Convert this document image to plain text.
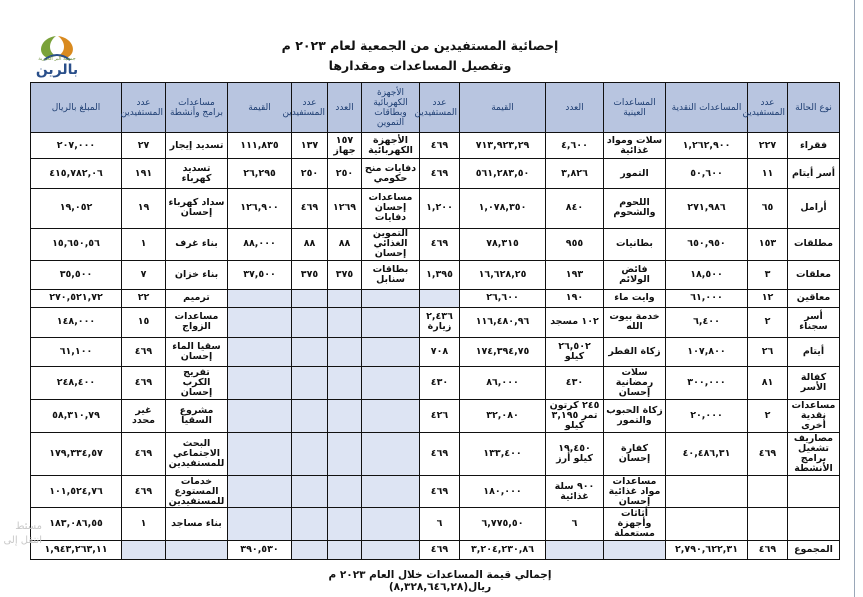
جمعية البر الخيرية
بالرين
إحصائية المستفيدين من الجمعية لعام ٢٠٢٣ م
وتفصيل المساعدات ومقدارها
نوع الحالة	عدد المستفيدين	المساعدات النقدية	المساعدات العينية	العدد	القيمة	عدد المستفيدين	الأجهزة الكهربائية وبطاقات التموين	العدد	عدد المستفيدين	القيمة	مساعدات برامج وأنشطة	عدد المستفيدين	المبلغ بالريال
فقراء	٢٢٧	١,٢٦٢,٩٠٠	سلات ومواد غذائية	٤,٦٠٠	٧١٣,٩٢٣,٢٩	٤٦٩	الأجهزة الكهربائية	١٥٧ جهاز	١٣٧	١١١,٨٣٥	تسديد إيجار	٢٧	٢٠٧,٠٠٠
أسر أيتام	١١	٥٠,٦٠٠	التمور	٣,٨٢٦	٥٦١,٢٨٣,٥٠	٤٦٩	دفايات منح حكومي	٢٥٠	٢٥٠	٢٦,٢٩٥	تسديد كهرباء	١٩١	٤١٥,٧٨٢,٠٦
أرامل	٦٥	٢٧١,٩٨٦	اللحوم والشحوم	٨٤٠	١,٠٧٨,٣٥٠	١,٢٠٠	مساعدات إحسان دفايات	١٢٦٩	٤٦٩	١٢٦,٩٠٠	سداد كهرباء إحسان	١٩	١٩,٠٥٢
مطلقات	١٥٣	٦٥٠,٩٥٠	بطانيات	٩٥٥	٧٨,٣١٥	٤٦٩	التموين الغذائي إحسان	٨٨	٨٨	٨٨,٠٠٠	بناء غرف	١	١٥,٦٥٠,٥٦
معلقات	٣	١٨,٥٠٠	فائض الولائم	١٩٣	١٦,٦٢٨,٢٥	١,٣٩٥	بطاقات سنابل	٣٧٥	٣٧٥	٣٧,٥٠٠	بناء خزان	٧	٣٥,٥٠٠
معاقين	١٢	٦١,٠٠٠	وايت ماء	١٩٠	٢٦,٦٠٠						ترميم	٢٢	٢٧٠,٥٢١,٧٢
أسر سجناء	٢	٦,٤٠٠	خدمة بيوت الله	١٠٢ مسجد	١١٦,٤٨٠,٩٦	٢,٤٣٦ زيارة					مساعدات الزواج	١٥	١٤٨,٠٠٠
أيتام	٢٦	١٠٧,٨٠٠	زكاة الفطر	٢٦,٥٠٢ كيلو	١٧٤,٣٩٤,٧٥	٧٠٨					سقيا الماء إحسان	٤٦٩	٦١,١٠٠
كفالة الأسر	٨١	٣٠٠,٠٠٠	سلات رمضانية إحسان	٤٣٠	٨٦,٠٠٠	٤٣٠					تفريج الكرب إحسان	٤٦٩	٢٤٨,٤٠٠
مساعدات نقدية أخرى	٢	٢٠,٠٠٠	زكاة الحبوب والتمور	٢٤٥ كرتون تمر ٣,١٩٥ كيلو	٣٢,٠٨٠	٤٢٦					مشروع السقيا	غير محدد	٥٨,٣١٠,٧٩
مصاريف تشغيل برامج الأنشطة	٤٦٩	٤٠,٤٨٦,٣١	كفارة إحسان	١٩,٤٥٠ كيلو أرز	١٣٣,٤٠٠	٤٦٩					البحث الاجتماعي للمستفيدين	٤٦٩	١٧٩,٣٣٤,٥٧
			مساعدات مواد غذائية إحسان	٩٠٠ سلة غذائية	١٨٠,٠٠٠	٤٦٩					خدمات المستودع للمستفيدين	٤٦٩	١٠١,٥٢٤,٧٦
			أثاثات وأجهزة مستعملة	٦	٦,٧٧٥,٥٠	٦					بناء مساجد	١	١٨٣,٠٨٦,٥٥
المجموع	٤٦٩	٢,٧٩٠,٦٢٢,٣١			٣,٢٠٤,٢٣٠,٨٦	٤٦٩				٣٩٠,٥٣٠			١,٩٤٣,٢٦٣,١١
إجمالي قيمة المساعدات خلال العام ٢٠٢٣ م ريال(٨,٣٢٨,٦٤٦,٢٨)
مسئط
انتقل إلى
